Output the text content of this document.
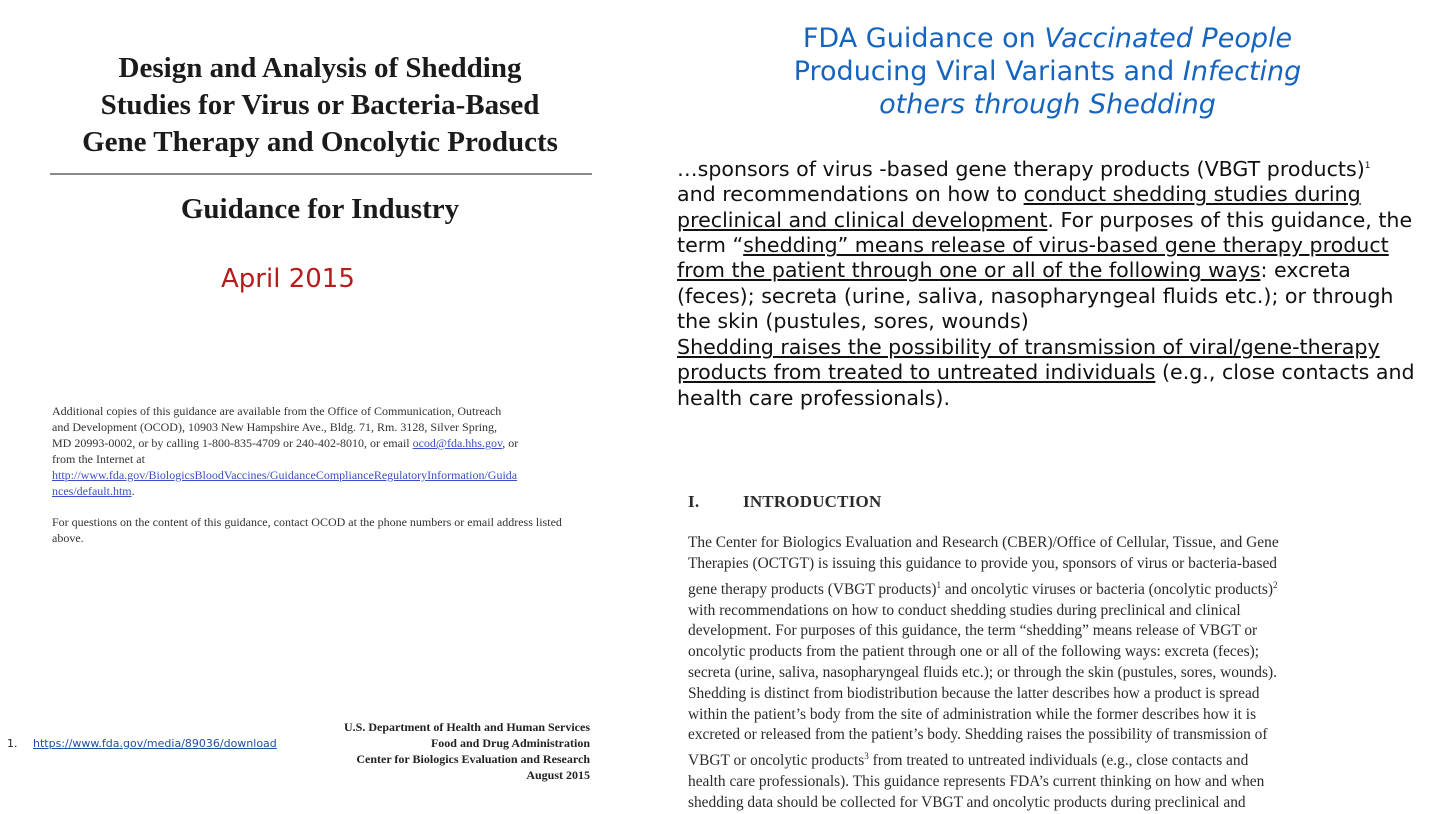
Design and Analysis of Shedding
Studies for Virus or Bacteria-Based
Gene Therapy and Oncolytic Products
Guidance for Industry
April 2015
Additional copies of this guidance are available from the Office of Communication, Outreach
and Development (OCOD), 10903 New Hampshire Ave., Bldg. 71, Rm. 3128, Silver Spring,
MD 20993-0002, or by calling 1-800-835-4709 or 240-402-8010, or email ocod@fda.hhs.gov, or
from the Internet at
http://www.fda.gov/BiologicsBloodVaccines/GuidanceComplianceRegulatoryInformation/Guida
nces/default.htm.
For questions on the content of this guidance, contact OCOD at the phone numbers or email address listed above.
U.S. Department of Health and Human Services
Food and Drug Administration
Center for Biologics Evaluation and Research
August 2015
1. https://www.fda.gov/media/89036/download
FDA Guidance on Vaccinated People
Producing Viral Variants and Infecting
others through Shedding
…sponsors of virus -based gene therapy products (VBGT products)$^1$
and recommendations on how to conduct shedding studies during preclinical and clinical development. For purposes of this guidance, the term “shedding” means release of virus-based gene therapy product from the patient through one or all of the following ways: excreta (feces); secreta (urine, saliva, nasopharyngeal fluids etc.); or through the skin (pustules, sores, wounds)
Shedding raises the possibility of transmission of viral/gene-therapy products from treated to untreated individuals (e.g., close contacts and health care professionals).
I.	INTRODUCTION
The Center for Biologics Evaluation and Research (CBER)/Office of Cellular, Tissue, and Gene
Therapies (OCTGT) is issuing this guidance to provide you, sponsors of virus or bacteria-based
gene therapy products (VBGT products)$^1$ and oncolytic viruses or bacteria (oncolytic products)$^2$
with recommendations on how to conduct shedding studies during preclinical and clinical
development. For purposes of this guidance, the term “shedding” means release of VBGT or
oncolytic products from the patient through one or all of the following ways: excreta (feces);
secreta (urine, saliva, nasopharyngeal fluids etc.); or through the skin (pustules, sores, wounds).
Shedding is distinct from biodistribution because the latter describes how a product is spread
within the patient’s body from the site of administration while the former describes how it is
excreted or released from the patient’s body. Shedding raises the possibility of transmission of
VBGT or oncolytic products$^3$ from treated to untreated individuals (e.g., close contacts and
health care professionals). This guidance represents FDA’s current thinking on how and when
shedding data should be collected for VBGT and oncolytic products during preclinical and
